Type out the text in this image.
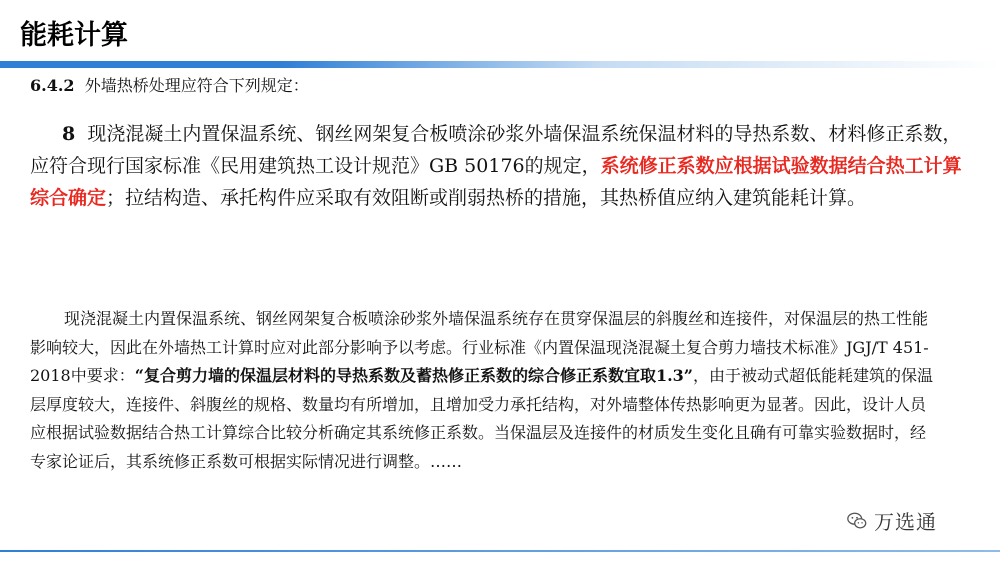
能耗计算

6.4.2 外墙热桥处理应符合下列规定：

8 现浇混凝土内置保温系统、钢丝网架复合板喷涂砂浆外墙保温系统保温材料的导热系数、材料修正系数，应符合现行国家标准《民用建筑热工设计规范》GB 50176的规定，系统修正系数应根据试验数据结合热工计算综合确定；拉结构造、承托构件应采取有效阻断或削弱热桥的措施，其热桥值应纳入建筑能耗计算。

现浇混凝土内置保温系统、钢丝网架复合板喷涂砂浆外墙保温系统存在贯穿保温层的斜腹丝和连接件，对保温层的热工性能影响较大，因此在外墙热工计算时应对此部分影响予以考虑。行业标准《内置保温现浇混凝土复合剪力墙技术标准》JGJ/T 451-2018中要求：“复合剪力墙的保温层材料的导热系数及蓄热修正系数的综合修正系数宜取1.3”，由于被动式超低能耗建筑的保温层厚度较大，连接件、斜腹丝的规格、数量均有所增加，且增加受力承托结构，对外墙整体传热影响更为显著。因此，设计人员应根据试验数据结合热工计算综合比较分析确定其系统修正系数。当保温层及连接件的材质发生变化且确有可靠实验数据时，经专家论证后，其系统修正系数可根据实际情况进行调整。……

万选通
